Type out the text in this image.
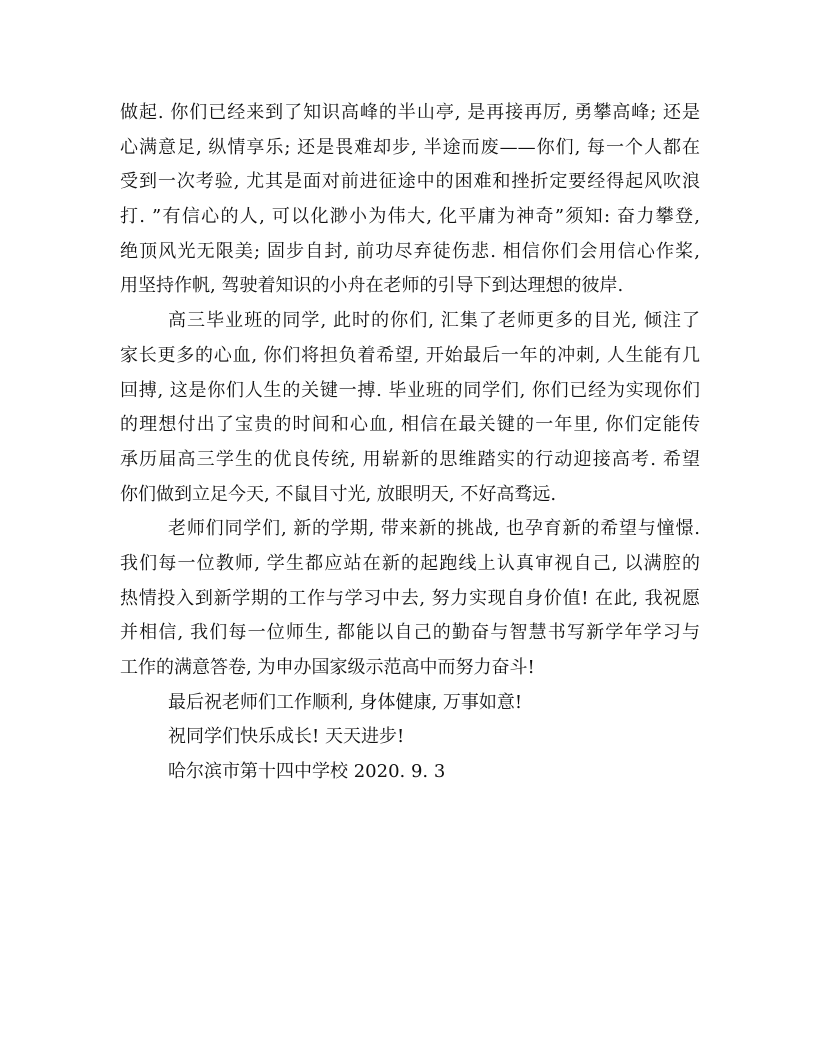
做起. 你们已经来到了知识高峰的半山亭, 是再接再厉, 勇攀高峰; 还是
心满意足, 纵情享乐; 还是畏难却步, 半途而废——你们, 每一个人都在
受到一次考验, 尤其是面对前进征途中的困难和挫折定要经得起风吹浪
打. ”有信心的人, 可以化渺小为伟大, 化平庸为神奇”须知: 奋力攀登,
绝顶风光无限美; 固步自封, 前功尽弃徒伤悲. 相信你们会用信心作桨,
用坚持作帆, 驾驶着知识的小舟在老师的引导下到达理想的彼岸.
高三毕业班的同学, 此时的你们, 汇集了老师更多的目光, 倾注了
家长更多的心血, 你们将担负着希望, 开始最后一年的冲刺, 人生能有几
回搏, 这是你们人生的关键一搏. 毕业班的同学们, 你们已经为实现你们
的理想付出了宝贵的时间和心血, 相信在最关键的一年里, 你们定能传
承历届高三学生的优良传统, 用崭新的思维踏实的行动迎接高考. 希望
你们做到立足今天, 不鼠目寸光, 放眼明天, 不好高骛远.
老师们同学们, 新的学期, 带来新的挑战, 也孕育新的希望与憧憬.
我们每一位教师, 学生都应站在新的起跑线上认真审视自己, 以满腔的
热情投入到新学期的工作与学习中去, 努力实现自身价值! 在此, 我祝愿
并相信, 我们每一位师生, 都能以自己的勤奋与智慧书写新学年学习与
工作的满意答卷, 为申办国家级示范高中而努力奋斗!
最后祝老师们工作顺利, 身体健康, 万事如意!
祝同学们快乐成长! 天天进步!
哈尔滨市第十四中学校 2020. 9. 3
